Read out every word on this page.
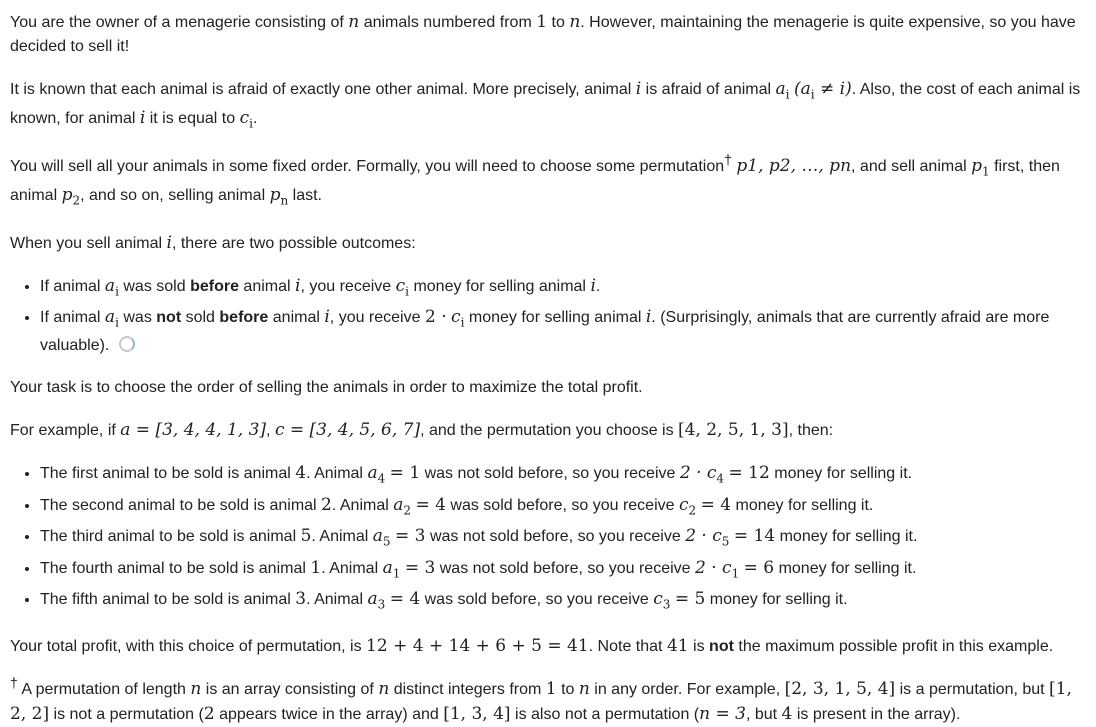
You are the owner of a menagerie consisting of n animals numbered from 1 to n. However, maintaining the menagerie is quite expensive, so you have decided to sell it!

It is known that each animal is afraid of exactly one other animal. More precisely, animal i is afraid of animal $a_i$ $(a_i \ne i)$. Also, the cost of each animal is known, for animal i it is equal to $c_i$.

You will sell all your animals in some fixed order. Formally, you will need to choose some permutation† p1, p2, …, pn, and sell animal $p_1$ first, then animal $p_2$, and so on, selling animal $p_n$ last.

When you sell animal i, there are two possible outcomes:

• If animal $a_i$ was sold before animal i, you receive $c_i$ money for selling animal i.
• If animal $a_i$ was not sold before animal i, you receive $2 \cdot c_i$ money for selling animal i. (Surprisingly, animals that are currently afraid are more valuable).

Your task is to choose the order of selling the animals in order to maximize the total profit.

For example, if a = [3, 4, 4, 1, 3], c = [3, 4, 5, 6, 7], and the permutation you choose is [4, 2, 5, 1, 3], then:

• The first animal to be sold is animal 4. Animal $a_4 = 1$ was not sold before, so you receive $2 \cdot c_4 = 12$ money for selling it.
• The second animal to be sold is animal 2. Animal $a_2 = 4$ was sold before, so you receive $c_2 = 4$ money for selling it.
• The third animal to be sold is animal 5. Animal $a_5 = 3$ was not sold before, so you receive $2 \cdot c_5 = 14$ money for selling it.
• The fourth animal to be sold is animal 1. Animal $a_1 = 3$ was not sold before, so you receive $2 \cdot c_1 = 6$ money for selling it.
• The fifth animal to be sold is animal 3. Animal $a_3 = 4$ was sold before, so you receive $c_3 = 5$ money for selling it.

Your total profit, with this choice of permutation, is 12 + 4 + 14 + 6 + 5 = 41. Note that 41 is not the maximum possible profit in this example.

† A permutation of length n is an array consisting of n distinct integers from 1 to n in any order. For example, [2, 3, 1, 5, 4] is a permutation, but [1, 2, 2] is not a permutation (2 appears twice in the array) and [1, 3, 4] is also not a permutation (n = 3, but 4 is present in the array).
